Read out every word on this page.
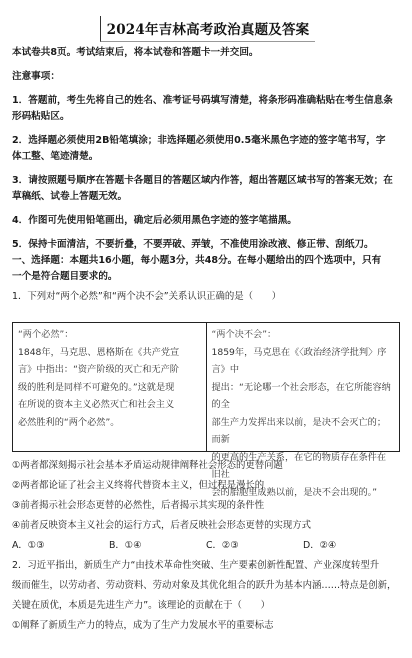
2024年吉林高考政治真题及答案
本试卷共8页。考试结束后，将本试卷和答题卡一并交回。
注意事项：
1．答题前，考生先将自己的姓名、准考证号码填写清楚，将条形码准确粘贴在考生信息条
形码粘贴区。
2．选择题必须使用2B铅笔填涂；非选择题必须使用0.5毫米黑色字迹的签字笔书写，字
体工整、笔迹清楚。
3．请按照题号顺序在答题卡各题目的答题区域内作答，超出答题区域书写的答案无效；在
草稿纸、试卷上答题无效。
4．作图可先使用铅笔画出，确定后必须用黑色字迹的签字笔描黑。
5．保持卡面清洁，不要折叠，不要弄破、弄皱，不准使用涂改液、修正带、刮纸刀。
一、选择题：本题共16小题，每小题3分，共48分。在每小题给出的四个选项中，只有
一个是符合题目要求的。
1．下列对“两个必然”和“两个决不会”关系认识正确的是（　　）
“两个必然”：
1848年，马克思、恩格斯在《共产党宣
言》中指出：“资产阶级的灭亡和无产阶
级的胜利是同样不可避免的。”这就是现
在所说的资本主义必然灭亡和社会主义
必然胜利的“两个必然”。
“两个决不会”：
1859年，马克思在《〈政治经济学批判〉序言》中
提出：“无论哪一个社会形态，在它所能容纳的全
部生产力发挥出来以前，是决不会灭亡的；而新
的更高的生产关系，在它的物质存在条件在旧社
会的胎胞里成熟以前，是决不会出现的。”
①两者都深刻揭示社会基本矛盾运动规律阐释社会形态的更替问题
②两者都论证了社会主义终将代替资本主义，但过程是漫长的
③前者揭示社会形态更替的必然性，后者揭示其实现的条件性
④前者反映资本主义社会的运行方式，后者反映社会形态更替的实现方式
A．①③	B．①④	C．②③	D．②④
2．习近平指出，新质生产力“由技术革命性突破、生产要素创新性配置、产业深度转型升
级而催生，以劳动者、劳动资料、劳动对象及其优化组合的跃升为基本内涵……特点是创新，
关键在质优，本质是先进生产力”。该理论的贡献在于（　　）
①阐释了新质生产力的特点，成为了生产力发展水平的重要标志
